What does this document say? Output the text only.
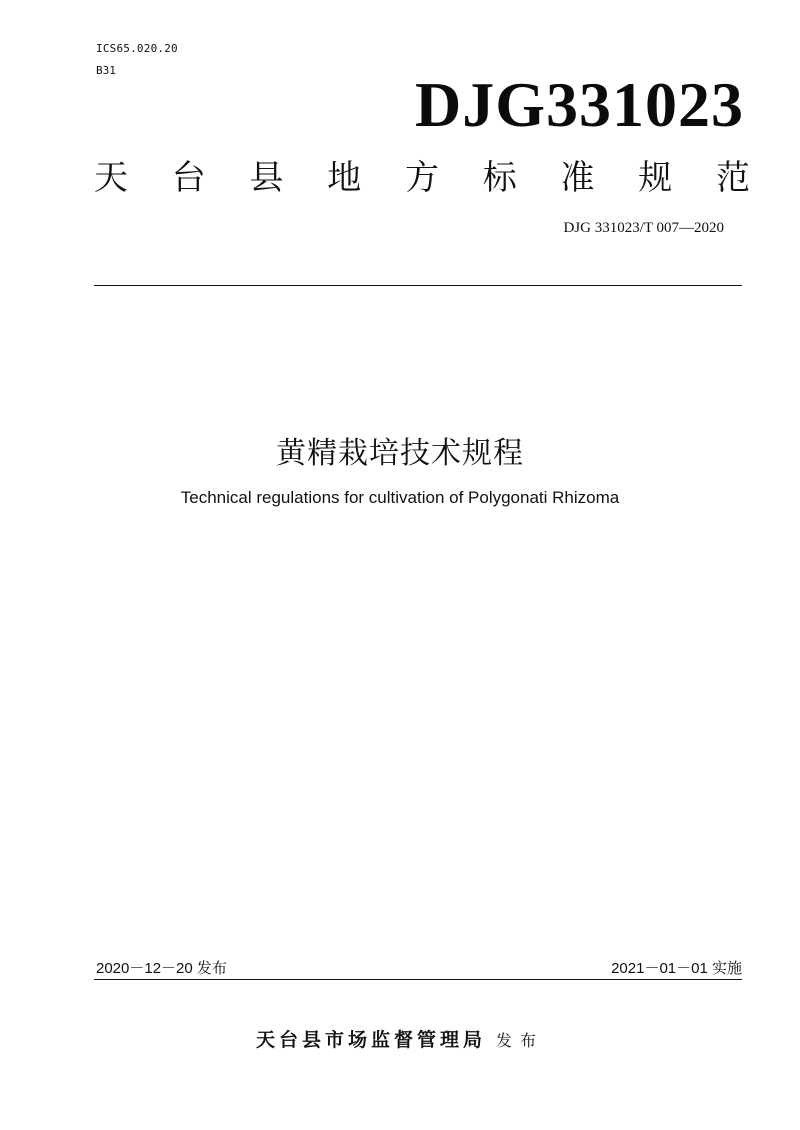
ICS65.020.20
B31	DJG331023
天 台 县 地 方 标 准 规 范
DJG 331023/T 007—2020
黄精栽培技术规程
Technical regulations for cultivation of Polygonati Rhizoma
2020－12－20 发布	2021－01－01 实施
天台县市场监督管理局 发布
